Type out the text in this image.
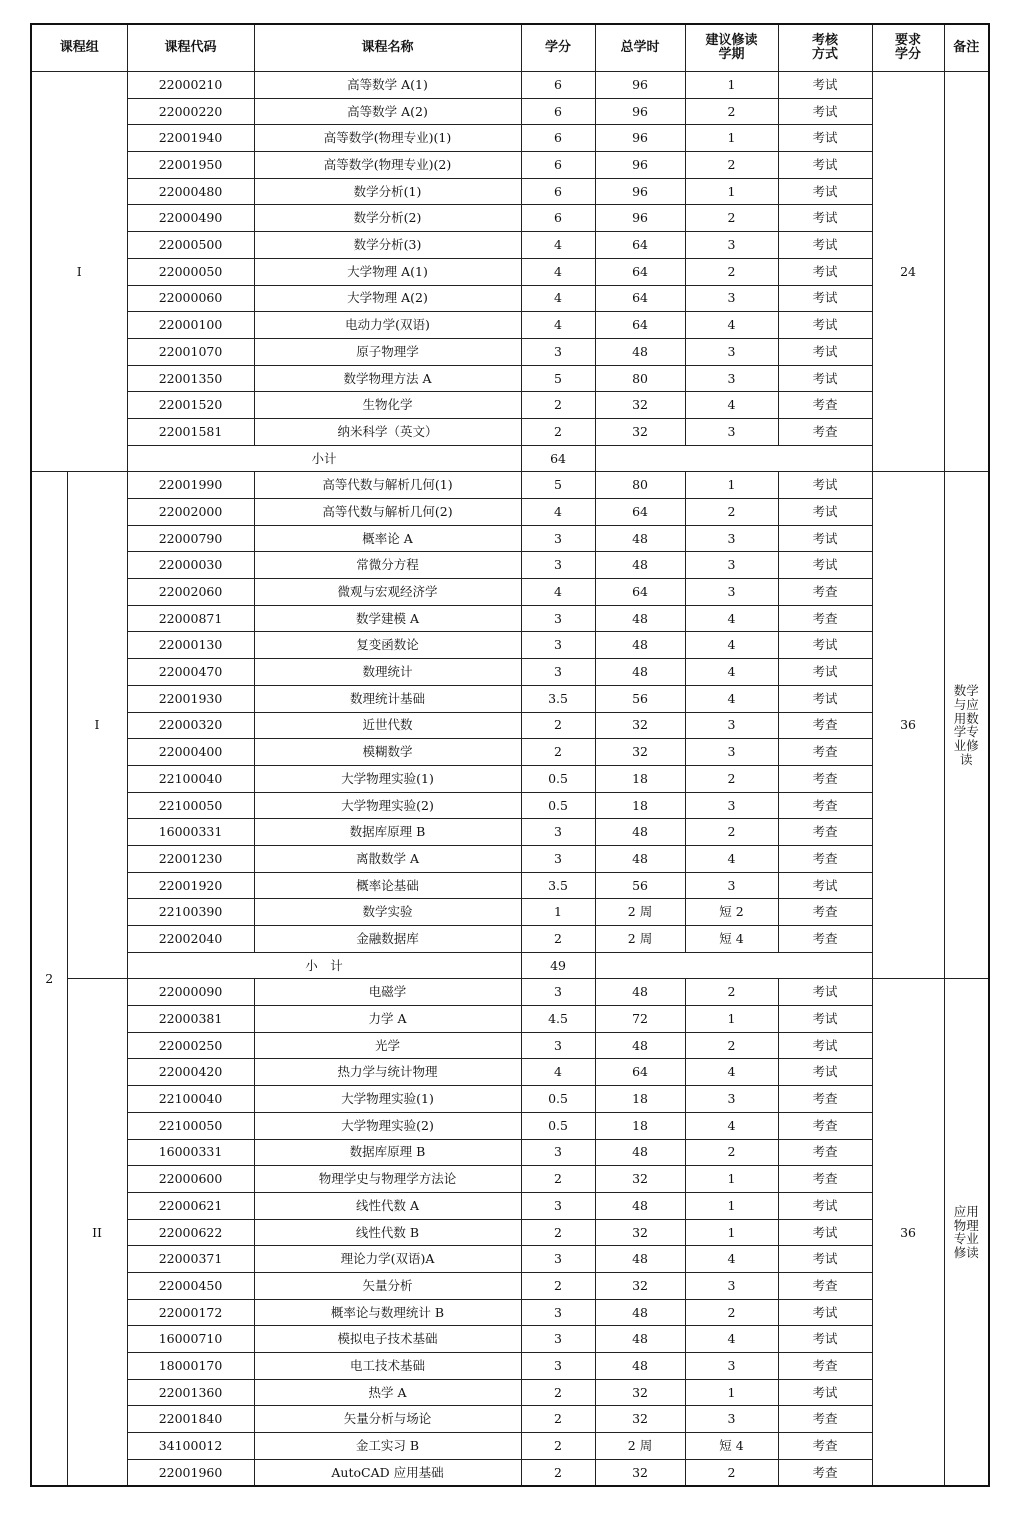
课程组		课程代码	课程名称	学分	总学时	建议修读学期	考核方式	要求学分	备注
I		22000210	高等数学 A(1)	6	96	1	考试	24	
		22000220	高等数学 A(2)	6	96	2	考试		
		22001940	高等数学(物理专业)(1)	6	96	1	考试		
		22001950	高等数学(物理专业)(2)	6	96	2	考试		
		22000480	数学分析(1)	6	96	1	考试		
		22000490	数学分析(2)	6	96	2	考试		
		22000500	数学分析(3)	4	64	3	考试		
		22000050	大学物理 A(1)	4	64	2	考试		
		22000060	大学物理 A(2)	4	64	3	考试		
		22000100	电动力学(双语)	4	64	4	考试		
		22001070	原子物理学	3	48	3	考试		
		22001350	数学物理方法 A	5	80	3	考试		
		22001520	生物化学	2	32	4	考查		
		22001581	纳米科学（英文）	2	32	3	考查		
		小计		64					
2	I	22001990	高等代数与解析几何(1)	5	80	1	考试	36	数学与应用数学专业修读
		22002000	高等代数与解析几何(2)	4	64	2	考试		
		22000790	概率论 A	3	48	3	考试		
		22000030	常微分方程	3	48	3	考试		
		22002060	微观与宏观经济学	4	64	3	考查		
		22000871	数学建模 A	3	48	4	考查		
		22000130	复变函数论	3	48	4	考试		
		22000470	数理统计	3	48	4	考试		
		22001930	数理统计基础	3.5	56	4	考试		
		22000320	近世代数	2	32	3	考查		
		22000400	模糊数学	2	32	3	考查		
		22100040	大学物理实验(1)	0.5	18	2	考查		
		22100050	大学物理实验(2)	0.5	18	3	考查		
		16000331	数据库原理 B	3	48	2	考查		
		22001230	离散数学 A	3	48	4	考查		
		22001920	概率论基础	3.5	56	3	考试		
		22100390	数学实验	1	2 周	短 2	考查		
		22002040	金融数据库	2	2 周	短 4	考查		
		小　计		49					
	II	22000090	电磁学	3	48	2	考试	36	应用物理专业修读
		22000381	力学 A	4.5	72	1	考试		
		22000250	光学	3	48	2	考试		
		22000420	热力学与统计物理	4	64	4	考试		
		22100040	大学物理实验(1)	0.5	18	3	考查		
		22100050	大学物理实验(2)	0.5	18	4	考查		
		16000331	数据库原理 B	3	48	2	考查		
		22000600	物理学史与物理学方法论	2	32	1	考查		
		22000621	线性代数 A	3	48	1	考试		
		22000622	线性代数 B	2	32	1	考试		
		22000371	理论力学(双语)A	3	48	4	考试		
		22000450	矢量分析	2	32	3	考查		
		22000172	概率论与数理统计 B	3	48	2	考试		
		16000710	模拟电子技术基础	3	48	4	考试		
		18000170	电工技术基础	3	48	3	考查		
		22001360	热学 A	2	32	1	考试		
		22001840	矢量分析与场论	2	32	3	考查		
		34100012	金工实习 B	2	2 周	短 4	考查		
		22001960	AutoCAD 应用基础	2	32	2	考查		
